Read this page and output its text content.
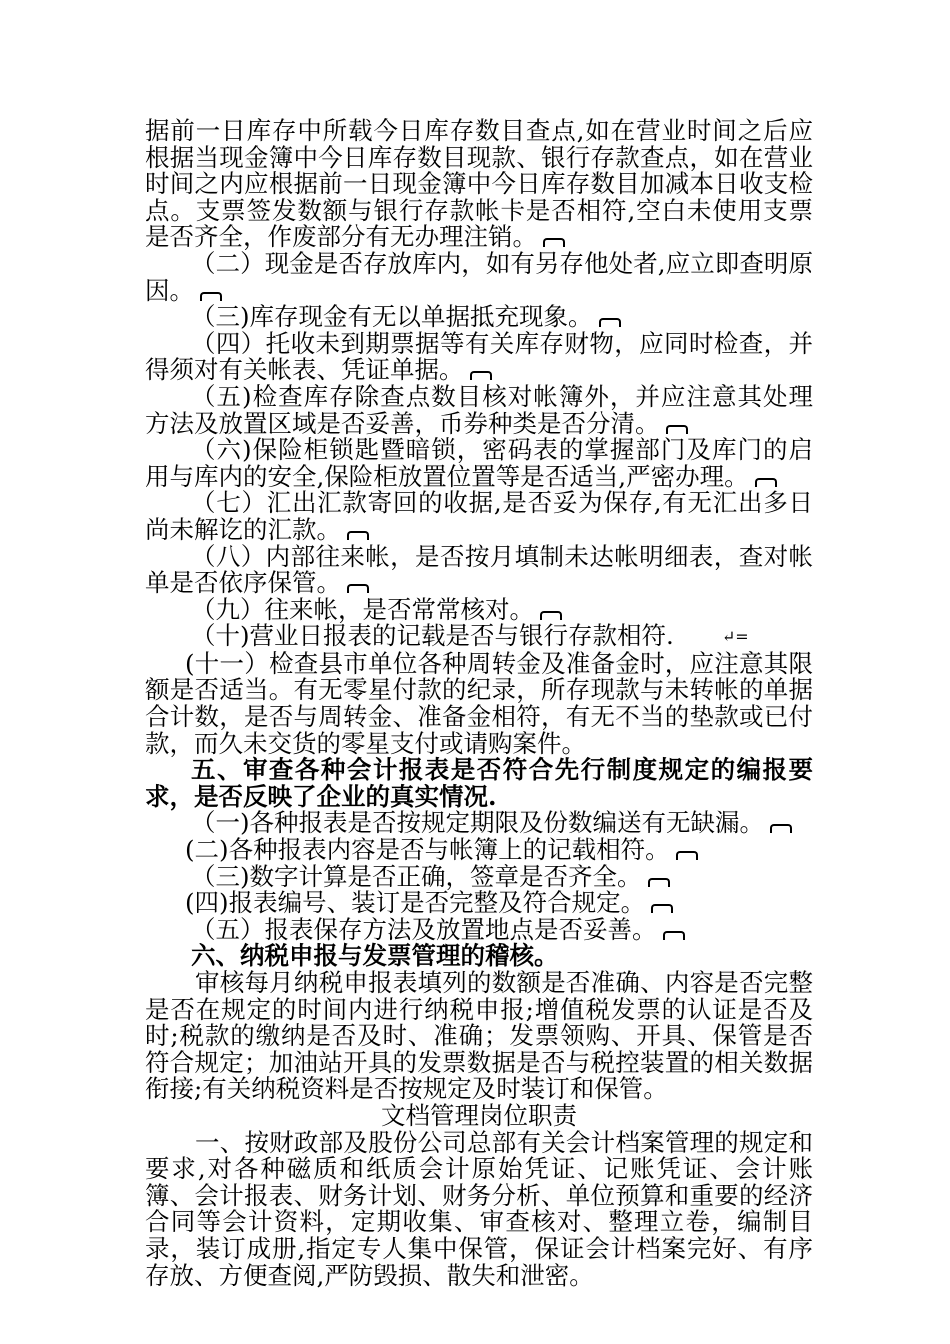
据前一日库存中所载今日库存数目查点,如在营业时间之后应根据当现金簿中今日库存数目现款、银行存款查点，如在营业时间之内应根据前一日现金簿中今日库存数目加减本日收支检点。支票签发数额与银行存款帐卡是否相符,空白未使用支票是否齐全，作废部分有无办理注销。

（二）现金是否存放库内，如有另存他处者,应立即查明原因。

（三)库存现金有无以单据抵充现象。

（四）托收未到期票据等有关库存财物，应同时检查，并得须对有关帐表、凭证单据。

（五)检查库存除查点数目核对帐簿外，并应注意其处理方法及放置区域是否妥善，币券种类是否分清。

（六)保险柜锁匙暨暗锁，密码表的掌握部门及库门的启用与库内的安全,保险柜放置位置等是否适当,严密办理。

（七）汇出汇款寄回的收据,是否妥为保存,有无汇出多日尚未解讫的汇款。

（八）内部往来帐，是否按月填制未达帐明细表，查对帐单是否依序保管。

（九）往来帐，是否常常核对。

（十)营业日报表的记载是否与银行存款相符.	↵=

(十一）检查县市单位各种周转金及准备金时，应注意其限额是否适当。有无零星付款的纪录，所存现款与未转帐的单据合计数，是否与周转金、准备金相符，有无不当的垫款或已付款，而久未交货的零星支付或请购案件。

五、审查各种会计报表是否符合先行制度规定的编报要求，是否反映了企业的真实情况.

（一)各种报表是否按规定期限及份数编送有无缺漏。

(二)各种报表内容是否与帐簿上的记载相符。

（三)数字计算是否正确，签章是否齐全。

(四)报表编号、装订是否完整及符合规定。

（五）报表保存方法及放置地点是否妥善。

六、纳税申报与发票管理的稽核。

审核每月纳税申报表填列的数额是否准确、内容是否完整是否在规定的时间内进行纳税申报;增值税发票的认证是否及时;税款的缴纳是否及时、准确；发票领购、开具、保管是否符合规定；加油站开具的发票数据是否与税控装置的相关数据衔接;有关纳税资料是否按规定及时装订和保管。

文档管理岗位职责

一、按财政部及股份公司总部有关会计档案管理的规定和要求,对各种磁质和纸质会计原始凭证、记账凭证、会计账簿、会计报表、财务计划、财务分析、单位预算和重要的经济合同等会计资料，定期收集、审查核对、整理立卷，编制目录，装订成册,指定专人集中保管，保证会计档案完好、有序存放、方便查阅,严防毁损、散失和泄密。
